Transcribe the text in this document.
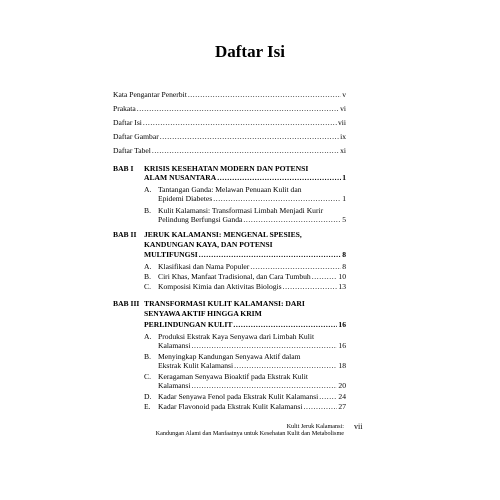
Daftar Isi
Kata Pengantar Penerbit .....	v
Prakata .....	vi
Daftar Isi .....	vii
Daftar Gambar .....	ix
Daftar Tabel .....	xi
BAB I KRISIS KESEHATAN MODERN DAN POTENSI
ALAM NUSANTARA .....	1
A. Tantangan Ganda: Melawan Penuaan Kulit dan
Epidemi Diabetes .....	1
B. Kulit Kalamansi: Transformasi Limbah Menjadi Kurir
Pelindung Berfungsi Ganda .....	5
BAB II JERUK KALAMANSI: MENGENAL SPESIES,
KANDUNGAN KAYA, DAN POTENSI
MULTIFUNGSI .....	8
A. Klasifikasi dan Nama Populer .....	8
B. Ciri Khas, Manfaat Tradisional, dan Cara Tumbuh .....	10
C. Komposisi Kimia dan Aktivitas Biologis .....	13
BAB III TRANSFORMASI KULIT KALAMANSI: DARI
SENYAWA AKTIF HINGGA KRIM
PERLINDUNGAN KULIT .....	16
A. Produksi Ekstrak Kaya Senyawa dari Limbah Kulit
Kalamansi .....	16
B. Menyingkap Kandungan Senyawa Aktif dalam
Ekstrak Kulit Kalamansi .....	18
C. Keragaman Senyawa Bioaktif pada Ekstrak Kulit
Kalamansi .....	20
D. Kadar Senyawa Fenol pada Ekstrak Kulit Kalamansi .....	24
E. Kadar Flavonoid pada Ekstrak Kulit Kalamansi .....	27
Kulit Jeruk Kalamansi:
Kandungan Alami dan Manfaatnya untuk Kesehatan Kulit dan Metabolisme
vii
